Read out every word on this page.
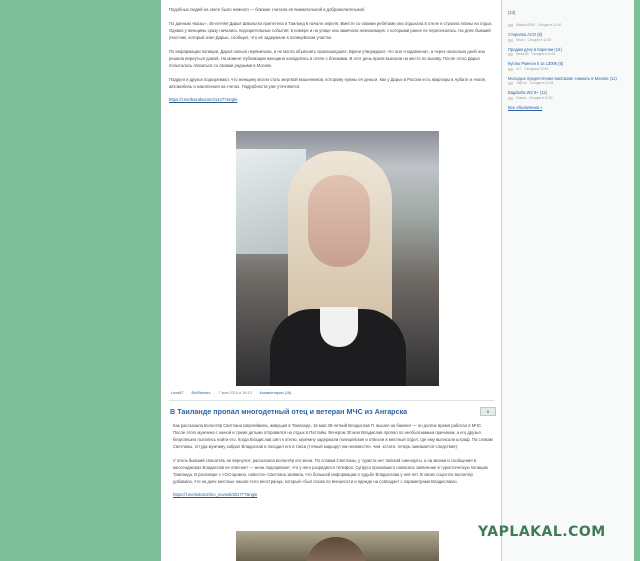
Подобных людей на свете было немного — близкие считали её внимательной и доброжелательной.

По данным «Базы», 45-летняя Дарья Шмальтко прилетела в Таиланд в начале апреля. Вместе со своими ребятами она отдыхала в отеле и строила планы на отдых. Однако у женщины сразу начались подозрительные события: в номере и на улице она замечала незнакомцев, с которыми ранее не пересекалась. На днях бывший участник, который знал Дарью, сообщил, что её задержали в полицейском участке.

По информации полиции, Дарья сильно нервничала, и не могла объяснить произошедшее. Врачи утверждают, что она «подавлена», а через несколько дней она решила вернуться домой. На момент публикации женщина находилась в отеле с близкими. В этот день врачи выехали на место по вызову. После этого Дарья попыталась связаться со своими родными в Москве.

Подруги и друзья подозревают, что женщину могли стать жертвой мошенников, которому нужны её деньги. Как у Дарьи в России есть квартиры в Арбате и Анапе, автомобиль и накопления на счетах. Подробности уже уточняются.

https://t.me/bazabazon/41447?single
Leos87 Йоббвлать 7 мая 2024 в 16:13 Комментарии (18)
В Таиланде пропал многодетный отец и ветеран МЧС из Ангарска	6

Как рассказала волонтёр Светлана Шергеймина, живущая в Таиланде, 16 мая 38-летний Владислав П. вышел на банкинг — он долгое время работал в МЧС. После этого мужчина с женой и тремя детьми отправился на отдых в Паттайю. Вечером 30 мая Владислав пропал по необъяснимым причинам, а его друзья безуспешно пытались найти его. Когда Владислав шёл к отелю, мужчину задержали полицейские и отвезли в местный отдел, где ему выписали штраф. По словам Светланы, оттуда мужчину забрал Владислав и посадил его в такси (точный маршрут им неизвестен, чем, кстати, теперь занимается следствие).

У отель бывший спасатель не вернулся, рассказала волонтёр его жена. По словам Светланы, у туриста нет тайской сим-карты, а на звонки и сообщения в мессенджерах Владислав не отвечает — жена подозревает, что у него разрядился телефон. Супруга пропавшего написала заявление в туристическую полицию Таиланда. В разговоре с «Осторожно, новости» Светлана заявила, что большой информации о судьбе Владислава у неё нет. В своих соцсетях волонтёр добавила, что на днях местные нашли тело иностранца, который «был похож по внешности и одежде на совпадает с параметрами Владислава».

https://t.me/ostorozhno_novosti/30177?single
(23)
Stakhov2000 Сегодня в 12:40
Стерилка АСО (8)
Shuro Сегодня в 12:43
Продам дачу в Карелии (16)
Alexa-89 Сегодня в 11:08
Куплю Рменон 5 за 1300€ (6)
Gr7 Сегодня в 12:44
Молодые предпочтения вакСиоме снимать в Москве (11)
YakFun Сегодня в 13:44
Bagdarita W2 8+ (12)
Zhanta Сегодня в 11:30
Все объявления »
YAPLAKAL.COM
